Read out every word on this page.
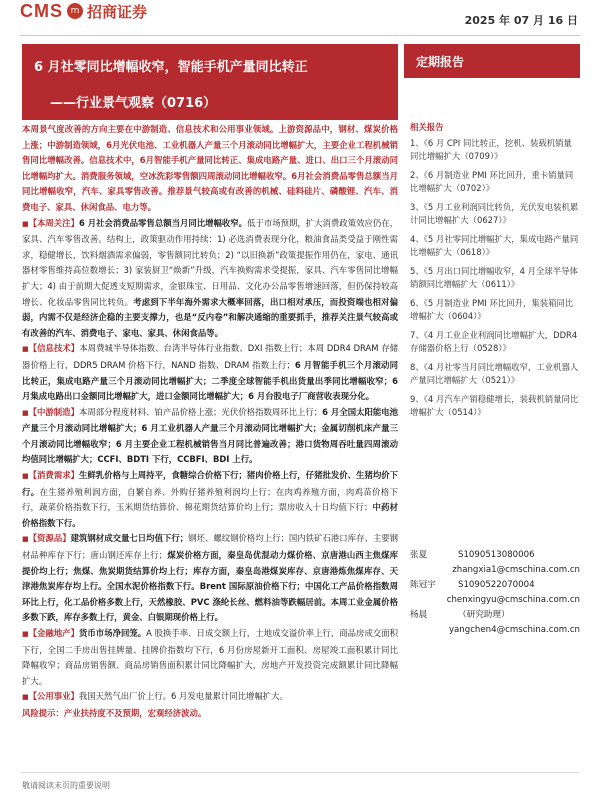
CMS m 招商证券	2025 年 07 月 16 日
6 月社零同比增幅收窄，智能手机产量同比转正
——行业景气观察（0716）
定期报告

本周景气度改善的方向主要在中游制造、信息技术和公用事业领域。上游资源品中，钢材、煤炭价格上涨；中游制造领域，6月光伏电池、工业机器人产量三个月滚动同比增幅扩大，主要企业工程机械销售同比增幅改善。信息技术中，6月智能手机产量同比转正、集成电路产量、进口、出口三个月滚动同比增幅均扩大。消费服务领域，空冰洗彩零售额四周滚动同比增幅收窄。6月社会消费品零售总额当月同比增幅收窄，汽车、家具零售改善。推荐景气较高或有改善的机械、硅料硅片、磷酸锂、汽车、消费电子、家具、休闲食品、电力等。

■【本周关注】6 月社会消费品零售总额当月同比增幅收窄。低于市场预期，扩大消费政策效应仍在，家具、汽车零售改善。结构上，政策驱动作用持续：1) 必选消费表现分化，粮油食品类受益于刚性需求，稳健增长，饮料烟酒需求偏弱，零售额同比转负；2) “以旧换新”政策提振作用仍在，家电、通讯器材零售维持高位数增长；3) 家装厨卫“焕新”升级，汽车换购需求受提振，家具、汽车零售同比增幅扩大；4) 由于前期大促透支短期需求，金银珠宝、日用品、文化办公品零售增速回落，但仍保持较高增长、化妆品零售同比转负。考虑到下半年海外需求大概率回落，出口相对承压，而投资端也相对偏弱，内需不仅是经济企稳的主要支撑力，也是“反内卷”和解决通缩的重要抓手，推荐关注景气较高或有改善的汽车、消费电子、家电、家具、休闲食品等。

■【信息技术】本周费城半导体指数、台湾半导体行业指数、DXI 指数上行；本周 DDR4 DRAM 存储器价格上行，DDR5 DRAM 价格下行，NAND 指数、DRAM 指数上行；6 月智能手机三个月滚动同比转正，集成电路产量三个月滚动同比增幅扩大；二季度全球智能手机出货量出季同比增幅收窄；6 月集成电路出口金额同比增幅扩大，进口金额同比增幅扩大；6 月台股电子厂商营收表现分化。

■【中游制造】本周部分程度材料、铂产品价格上涨；光伏价格指数周环比上行；6 月全国太阳能电池产量三个月滚动同比增幅扩大；6 月工业机器人产量三个月滚动同比增幅扩大；金属切削机床产量三个月滚动同比增幅收窄；6 月主要企业工程机械销售当月同比普遍改善；港口货物周吞吐量四周滚动均值同比增幅扩大；CCFI、BDTI 下行，CCBFI、BDI 上行。

■【消费需求】生鲜乳价格与上周持平，食糖综合价格下行；猪肉价格上行，仔猪批发价、生猪均价下行。在生猪养殖利润方面，自繁自养、外购仔猪养殖利润均上行；在肉鸡养殖方面，肉鸡苗价格下行，蔬菜价格指数下行，玉米期货结算价、棉花期货结算价均上行；票房收入十日均值下行；中药材价格指数下行。

■【资源品】建筑钢材成交量七日均值下行；钢坯、螺纹钢价格均上行；国内铁矿石港口库存、主要钢材品种库存下行；唐山钢还库存上行；煤炭价格方面，秦皇岛优混动力煤价格、京唐港山西主焦煤库提价均上行；焦煤、焦炭期货结算价均上行；库存方面，秦皇岛港煤炭库存、京唐港炼焦煤库存、天津港焦炭库存均上行。全国水泥价格指数下行。Brent 国际原油价格下行；中国化工产品价格指数周环比上行，化工品价格多数上行，天然橡胶、PVC 涤纶长丝、燃料油等跌幅居前。本周工业金属价格多数下跌，库存多数上行，黄金、白银期现价格上行。

■【金融地产】货币市场净回笼。A 股换手率、日成交额上行，土地成交溢价率上行，商品房成交面积下行，全国二手房出售挂牌量、挂牌价指数均下行，6 月份房屋新开工面积、房屋竣工面积累计同比降幅收窄；商品房销售额、商品房销售面积累计同比降幅扩大，房地产开发投资完成额累计同比降幅扩大。

■【公用事业】我国天然气出厂价上行。6 月发电量累计同比增幅扩大。

风险提示：产业扶持度不及预期，宏观经济波动。

相关报告
1、《6 月 CPI 同比转正，挖机、装载机销量同比增幅扩大（0709）》
2、《6 月制造业 PMI 环比回升，重卡销量同比增幅扩大（0702）》
3、《5 月工业利润同比转负，光伏发电装机累计同比增幅扩大（0627）》
4、《5 月社零同比增幅扩大，集成电路产量同比增幅扩大（0618）》
5、《5 月出口同比增幅收窄，4 月全球半导体销额同比增幅扩大（0611）》
6、《5 月制造业 PMI 环比回升，集装箱同比增幅扩大（0604）》
7、《4 月工业企业利润同比增幅扩大，DDR4 存储器价格上行（0528）》
8、《4 月社零当月同比增幅收窄，工业机器人产量同比增幅扩大（0521）》
9、《4 月汽车产销稳健增长，装载机销量同比增幅扩大（0514）》
张夏	S1090513080006
zhangxia1@cmschina.com.cn
陈冠宇	S1090522070004
chenxingyu@cmschina.com.cn
杨晨	（研究助理）
yangchen4@cmschina.com.cn
敬请阅读末页的重要说明
